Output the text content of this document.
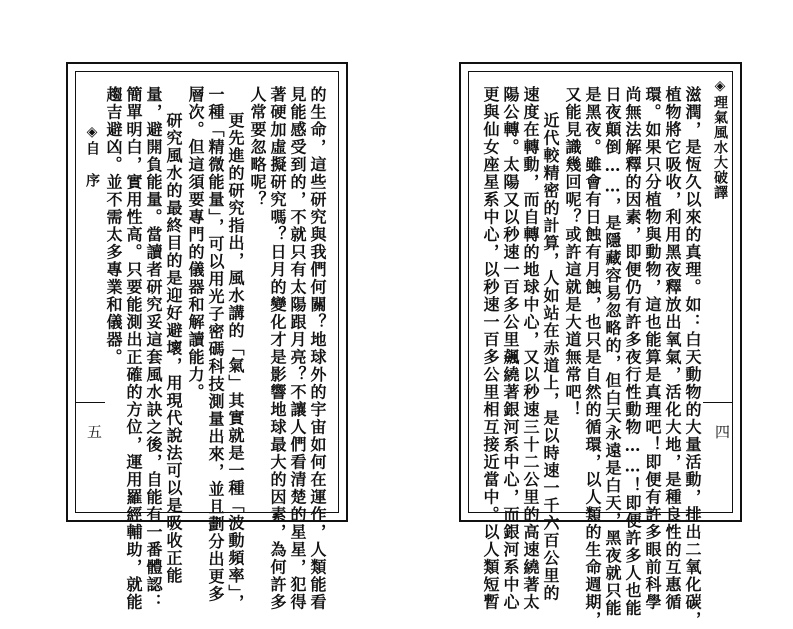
的生命，這些研究與我們何關？地球外的宇宙如何在運作，人類能看
見能感受到的，不就只有太陽跟月亮？不讓人們看清楚的星星，犯得
著硬加虛擬研究嗎？日月的變化才是影響地球最大的因素，為何許多
人常要忽略呢？
更先進的研究指出，風水講的「氣」其實就是一種「波動頻率」，
一種「精微能量」，可以用光子密碼科技測量出來，並且劃分出更多
層次。但這須要專門的儀器和解讀能力。
研究風水的最終目的是迎好避壞，用現代說法可以是吸收正能
量，避開負能量。當讀者研究妥這套風水訣之後，自能有一番體認：
簡單明白，實用性高。只要能測出正確的方位，運用羅經輔助，就能
趨吉避凶。並不需太多專業和儀器。
◈自 序
五	滋潤，是恆久以來的真理。如：白天動物的大量活動，排出二氧化碳，
植物將它吸收，利用黑夜釋放出氧氣，活化大地，是種良性的互惠循
環。如果只分植物與動物，這也能算是真理吧！即便有許多眼前科學
尚無法解釋的因素，即便仍有許多夜行性動物……！即便許多人也能
日夜顛倒……，是隱藏容易忽略的，但白天永遠是白天，黑夜就只能
是黑夜。雖會有日蝕有月蝕，也只是自然的循環，以人類的生命週期，
又能見識幾回呢？或許這就是大道無常吧！
近代較精密的計算，人如站在赤道上，是以時速一千六百公里的
速度在轉動，而自轉的地球中心，又以秒速三十二公里的高速繞著太
陽公轉。太陽又以秒速一百多公里飆繞著銀河系中心，而銀河系中心
更與仙女座星系中心，以秒速一百多公里相互接近當中。以人類短暫	◈理氣風水大破譯
四
